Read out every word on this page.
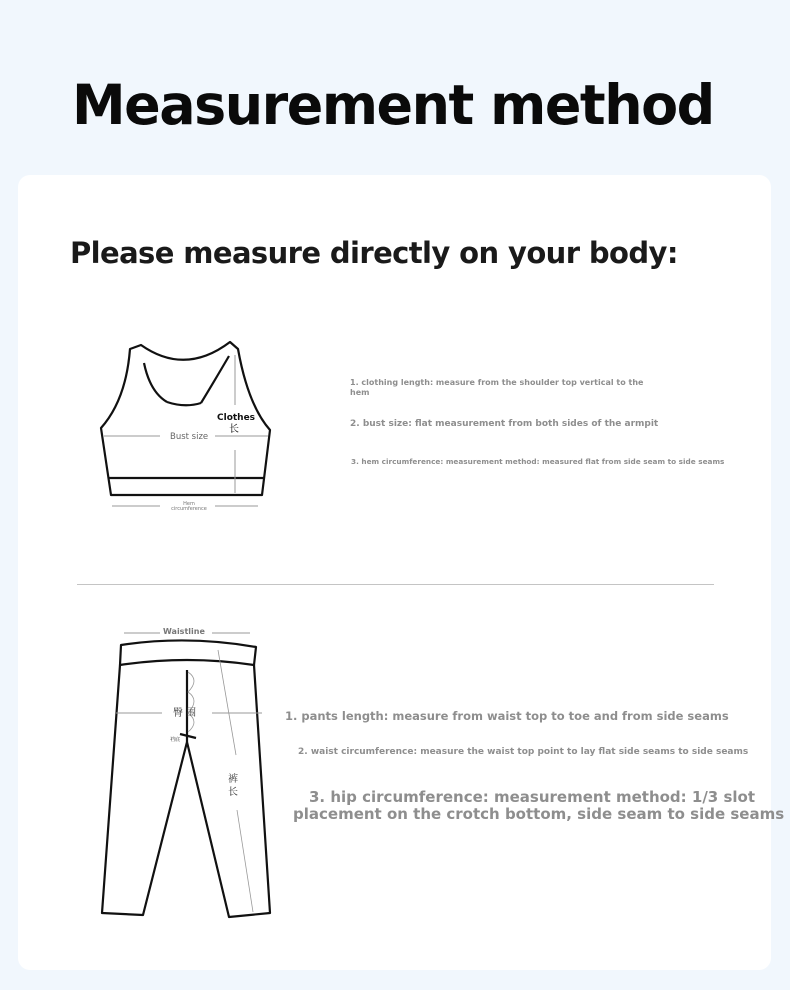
Measurement method
Please measure directly on your body:
Clothes
长
Bust size
Hem
circumference
1. clothing length: measure from the shoulder top vertical to the
hem
2. bust size: flat measurement from both sides of the armpit
3. hem circumference: measurement method: measured flat from side seam to side seams
Waistline
臀 围
裆底
裤
长
1. pants length: measure from waist top to toe and from side seams
2. waist circumference: measure the waist top point to lay flat side seams to side seams
3. hip circumference: measurement method: 1/3 slot
placement on the crotch bottom, side seam to side seams
